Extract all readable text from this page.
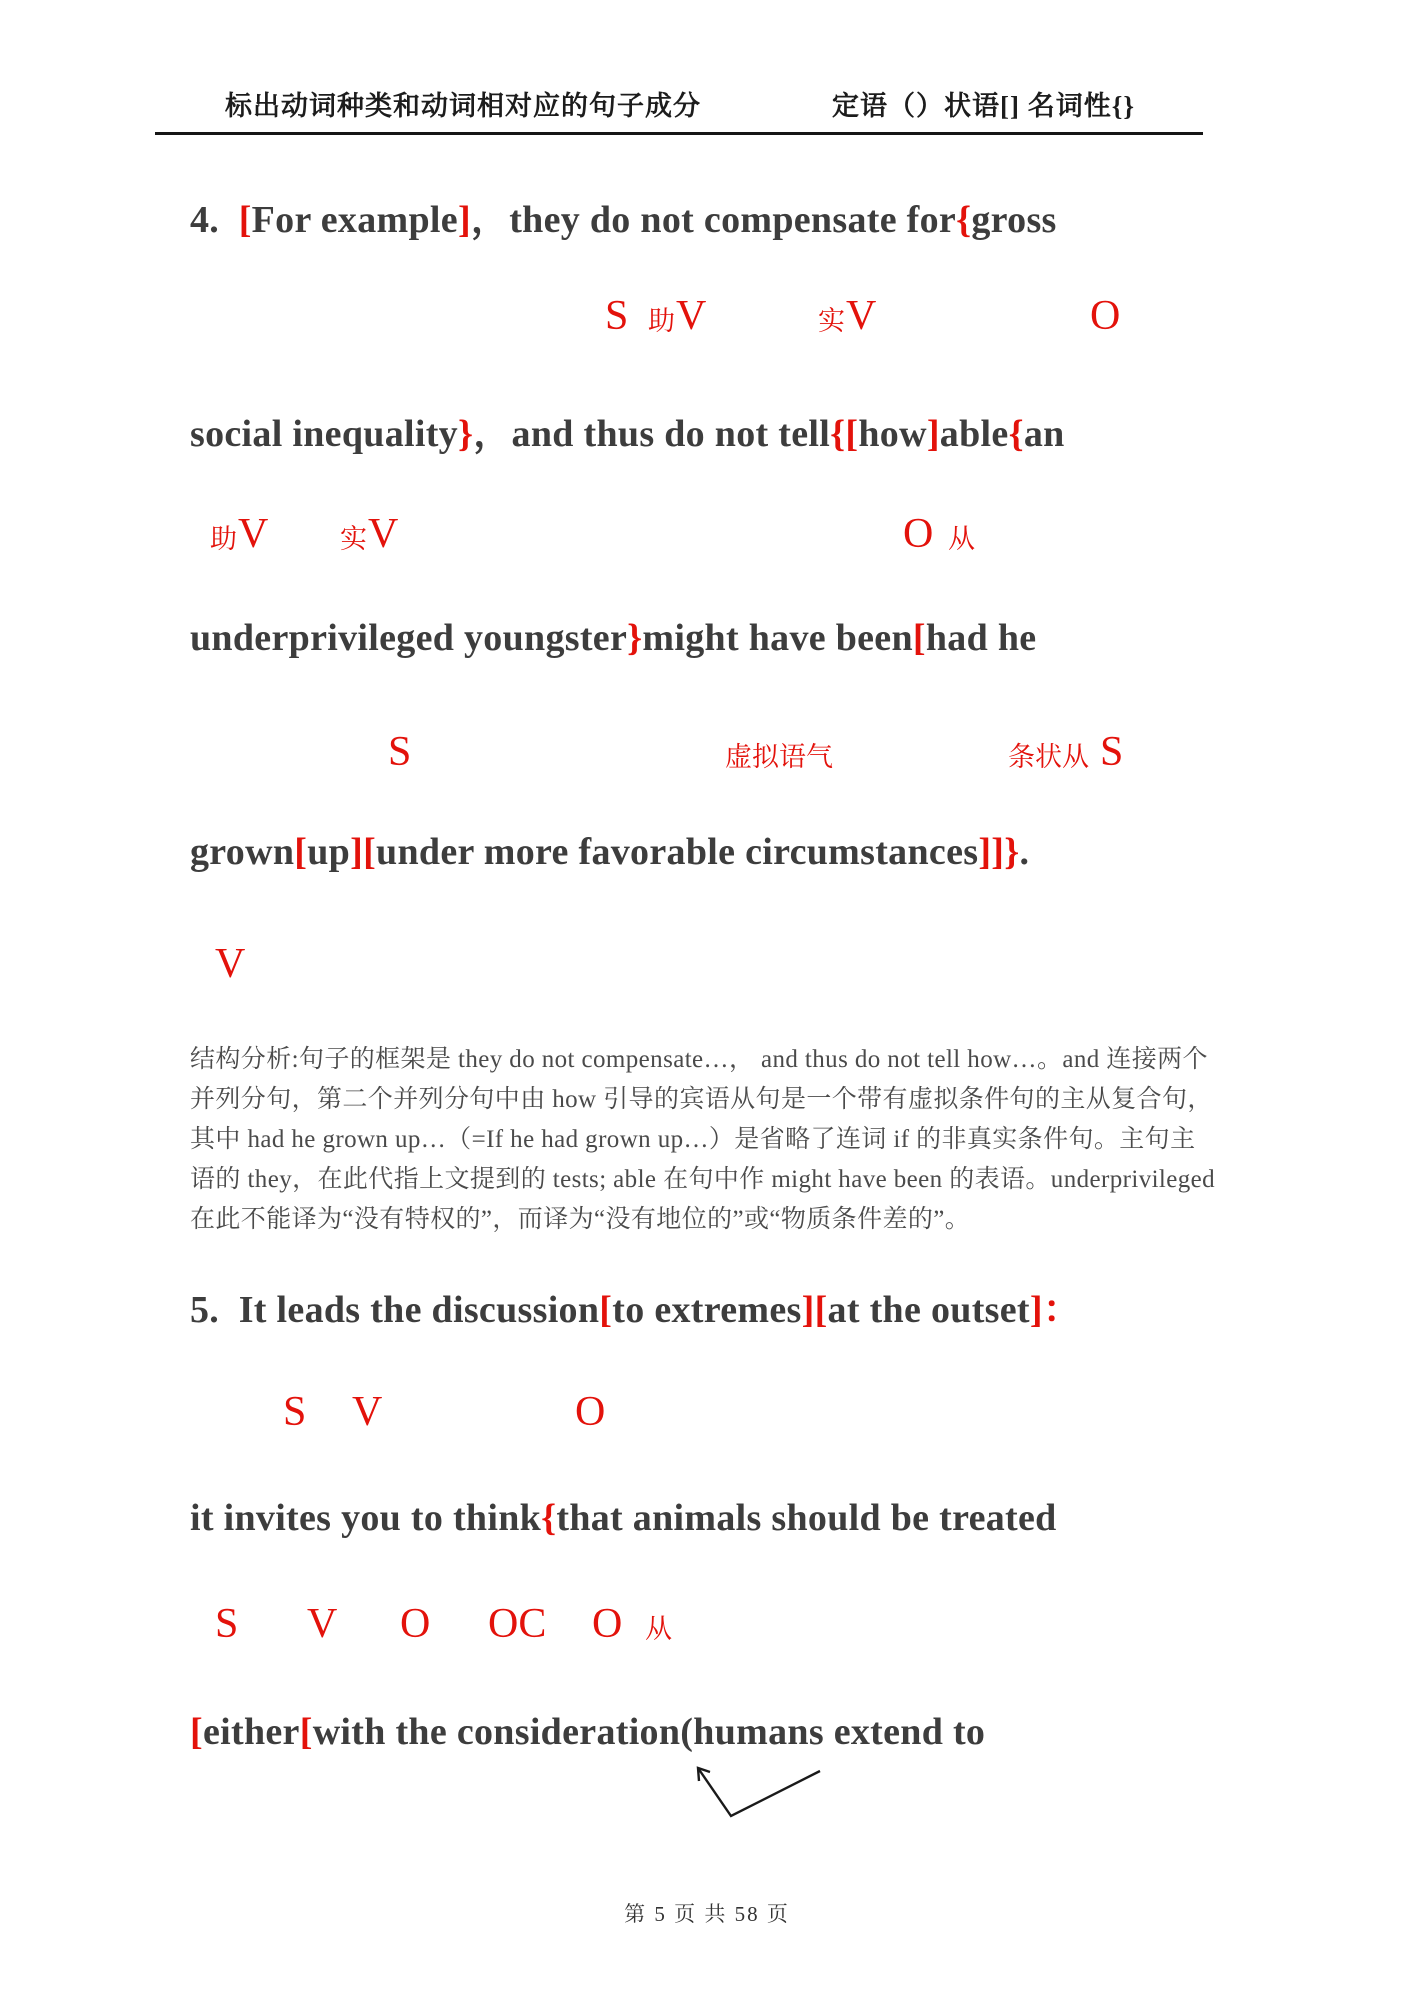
标出动词种类和动词相对应的句子成分	定语（）状语[] 名词性{}
4.  [For example]，they do not compensate for{gross
S 助 V	实 V	O
social inequality}，and thus do not tell{[how]able{an
助 V	实 V	O 从
underprivileged youngster}might have been[had he
S	虚拟语气	条状从 S
grown[up][under more favorable circumstances]]}.
V
结构分析:句子的框架是 they do not compensate…， and thus do not tell how…。and 连接两个
并列分句，第二个并列分句中由 how 引导的宾语从句是一个带有虚拟条件句的主从复合句，
其中 had he grown up…（=If he had grown up…）是省略了连词 if 的非真实条件句。主句主
语的 they，在此代指上文提到的 tests; able 在句中作 might have been 的表语。underprivileged
在此不能译为“没有特权的”，而译为“没有地位的”或“物质条件差的”。
5.  It leads the discussion[to extremes][at the outset]：
S V	O
it invites you to think{that animals should be treated
S V O OC O 从
[either[with the consideration(humans extend to
第 5 页 共 58 页
